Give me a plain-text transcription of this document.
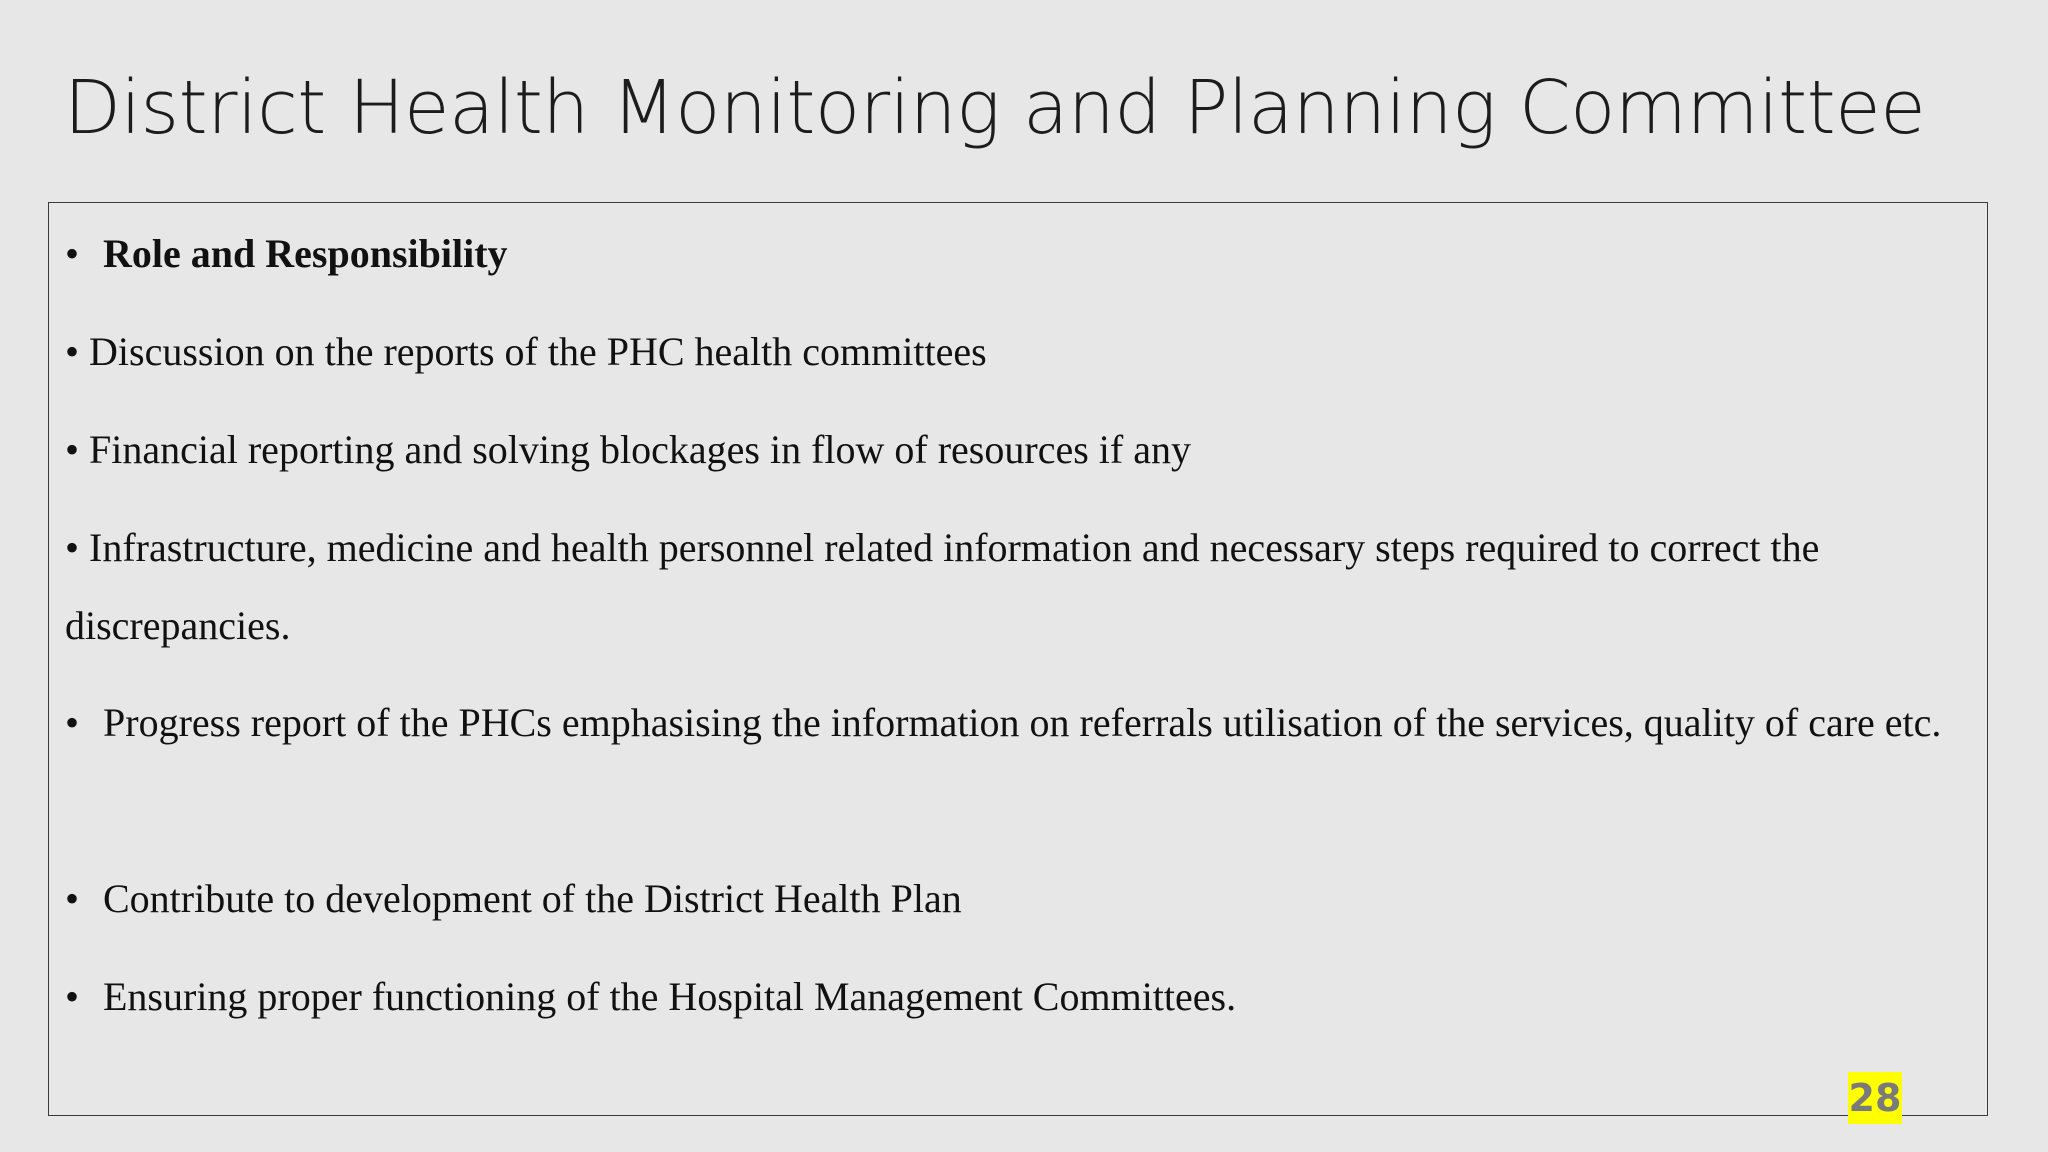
District Health Monitoring and Planning Committee

• Role and Responsibility

• Discussion on the reports of the PHC health committees

• Financial reporting and solving blockages in flow of resources if any

• Infrastructure, medicine and health personnel related information and necessary steps required to correct the discrepancies.

• Progress report of the PHCs emphasising the information on referrals utilisation of the services, quality of care etc.

• Contribute to development of the District Health Plan

• Ensuring proper functioning of the Hospital Management Committees.

28
